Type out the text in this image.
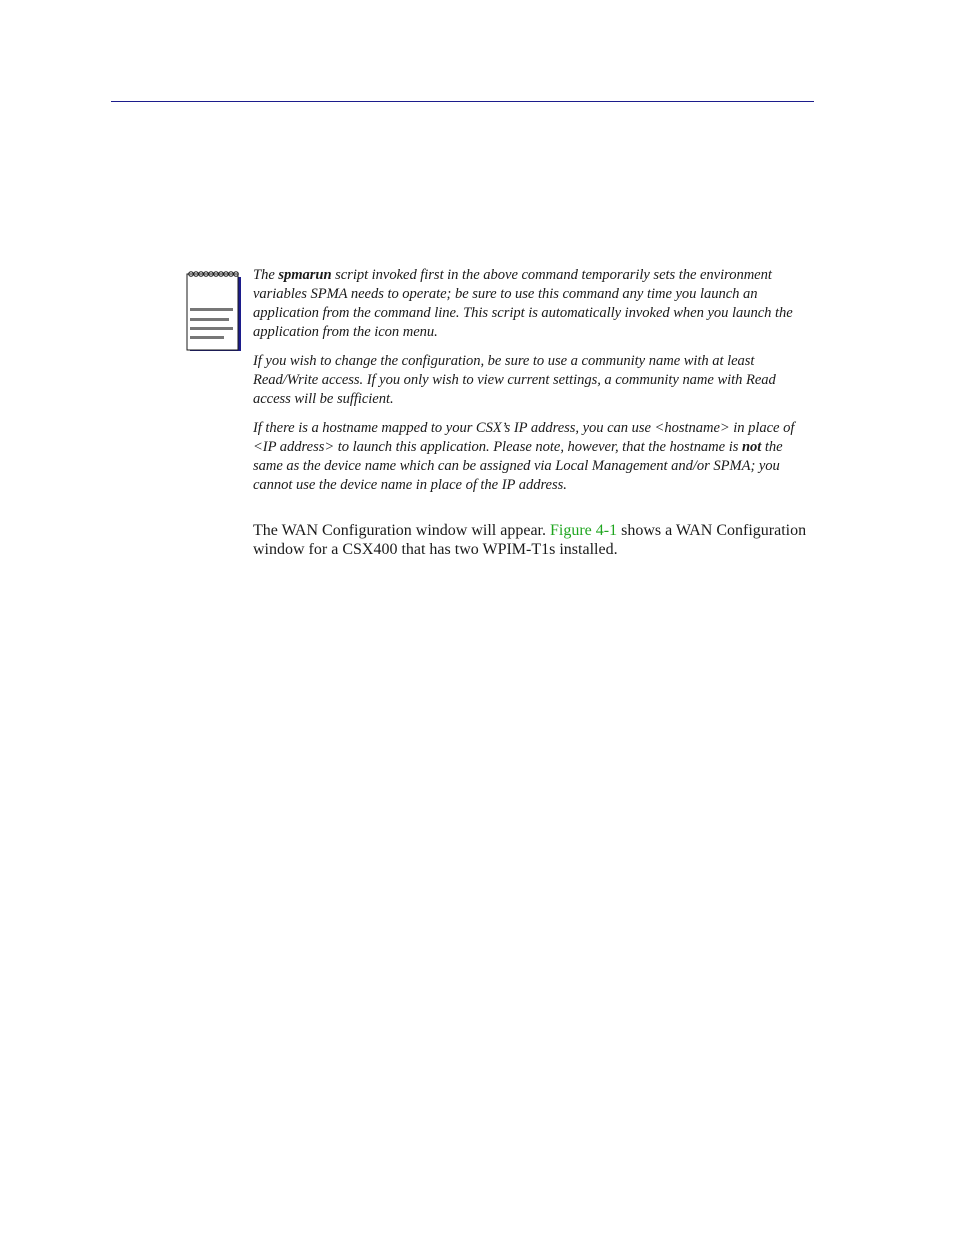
The spmarun script invoked first in the above command temporarily sets the environment variables SPMA needs to operate; be sure to use this command any time you launch an application from the command line. This script is automatically invoked when you launch the application from the icon menu.

If you wish to change the configuration, be sure to use a community name with at least Read/Write access. If you only wish to view current settings, a community name with Read access will be sufficient.

If there is a hostname mapped to your CSX’s IP address, you can use <hostname> in place of <IP address> to launch this application. Please note, however, that the hostname is not the same as the device name which can be assigned via Local Management and/or SPMA; you cannot use the device name in place of the IP address.

The WAN Configuration window will appear. Figure 4-1 shows a WAN Configuration window for a CSX400 that has two WPIM-T1s installed.
